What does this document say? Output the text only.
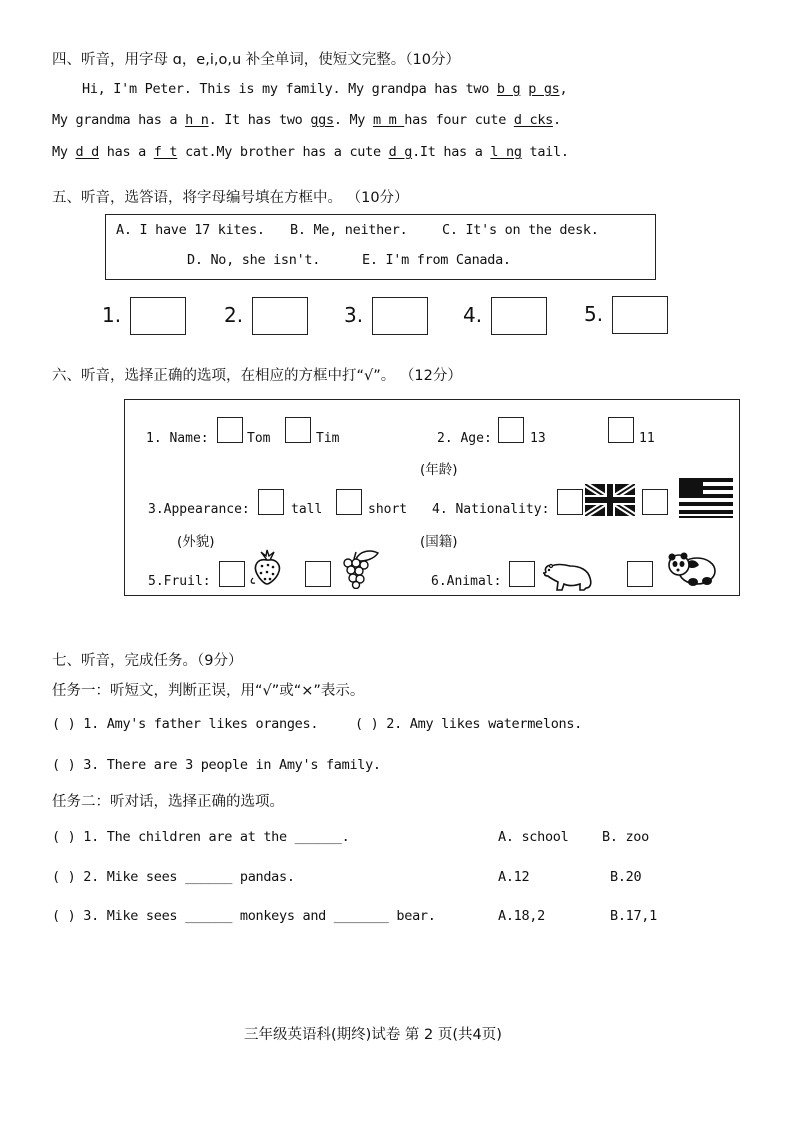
四、听音，用字母 ɑ，e,i,o,u 补全单词，使短文完整。（10分）
Hi, I'm Peter. This is my family. My grandpa has two b g p gs,
My grandma has a h n. It has two ggs. My m m has four cute d cks.
My d d has a f t cat.My brother has a cute d g.It has a l ng tail.
五、听音，选答语，将字母编号填在方框中。 （10分）
A. I have 17 kites. B. Me, neither.	C. It's on the desk.
D. No, she isn't.	E. I'm from Canada.
1.	2.	3.	4.	5.
六、听音，选择正确的选项，在相应的方框中打“√”。 （12分）
1. Name:	Tom	Tim	2. Age:	13	11
(年龄)
3.Appearance:	tall	short
(外貌)
4. Nationality:
(国籍)
5.Fruil:	6.Animal:
七、听音，完成任务。（9分）
任务一：听短文，判断正误，用“√”或“×”表示。
( ) 1. Amy's father likes oranges.	( ) 2. Amy likes watermelons.
( ) 3. There are 3 people in Amy's family.
任务二：听对话，选择正确的选项。
( ) 1. The children are at the ______.	A. school B. zoo
( ) 2. Mike sees ______ pandas.	A.12	B.20
( ) 3. Mike sees ______ monkeys and _______ bear.	A.18,2	B.17,1
三年级英语科(期终)试卷 第 2 页(共4页)
